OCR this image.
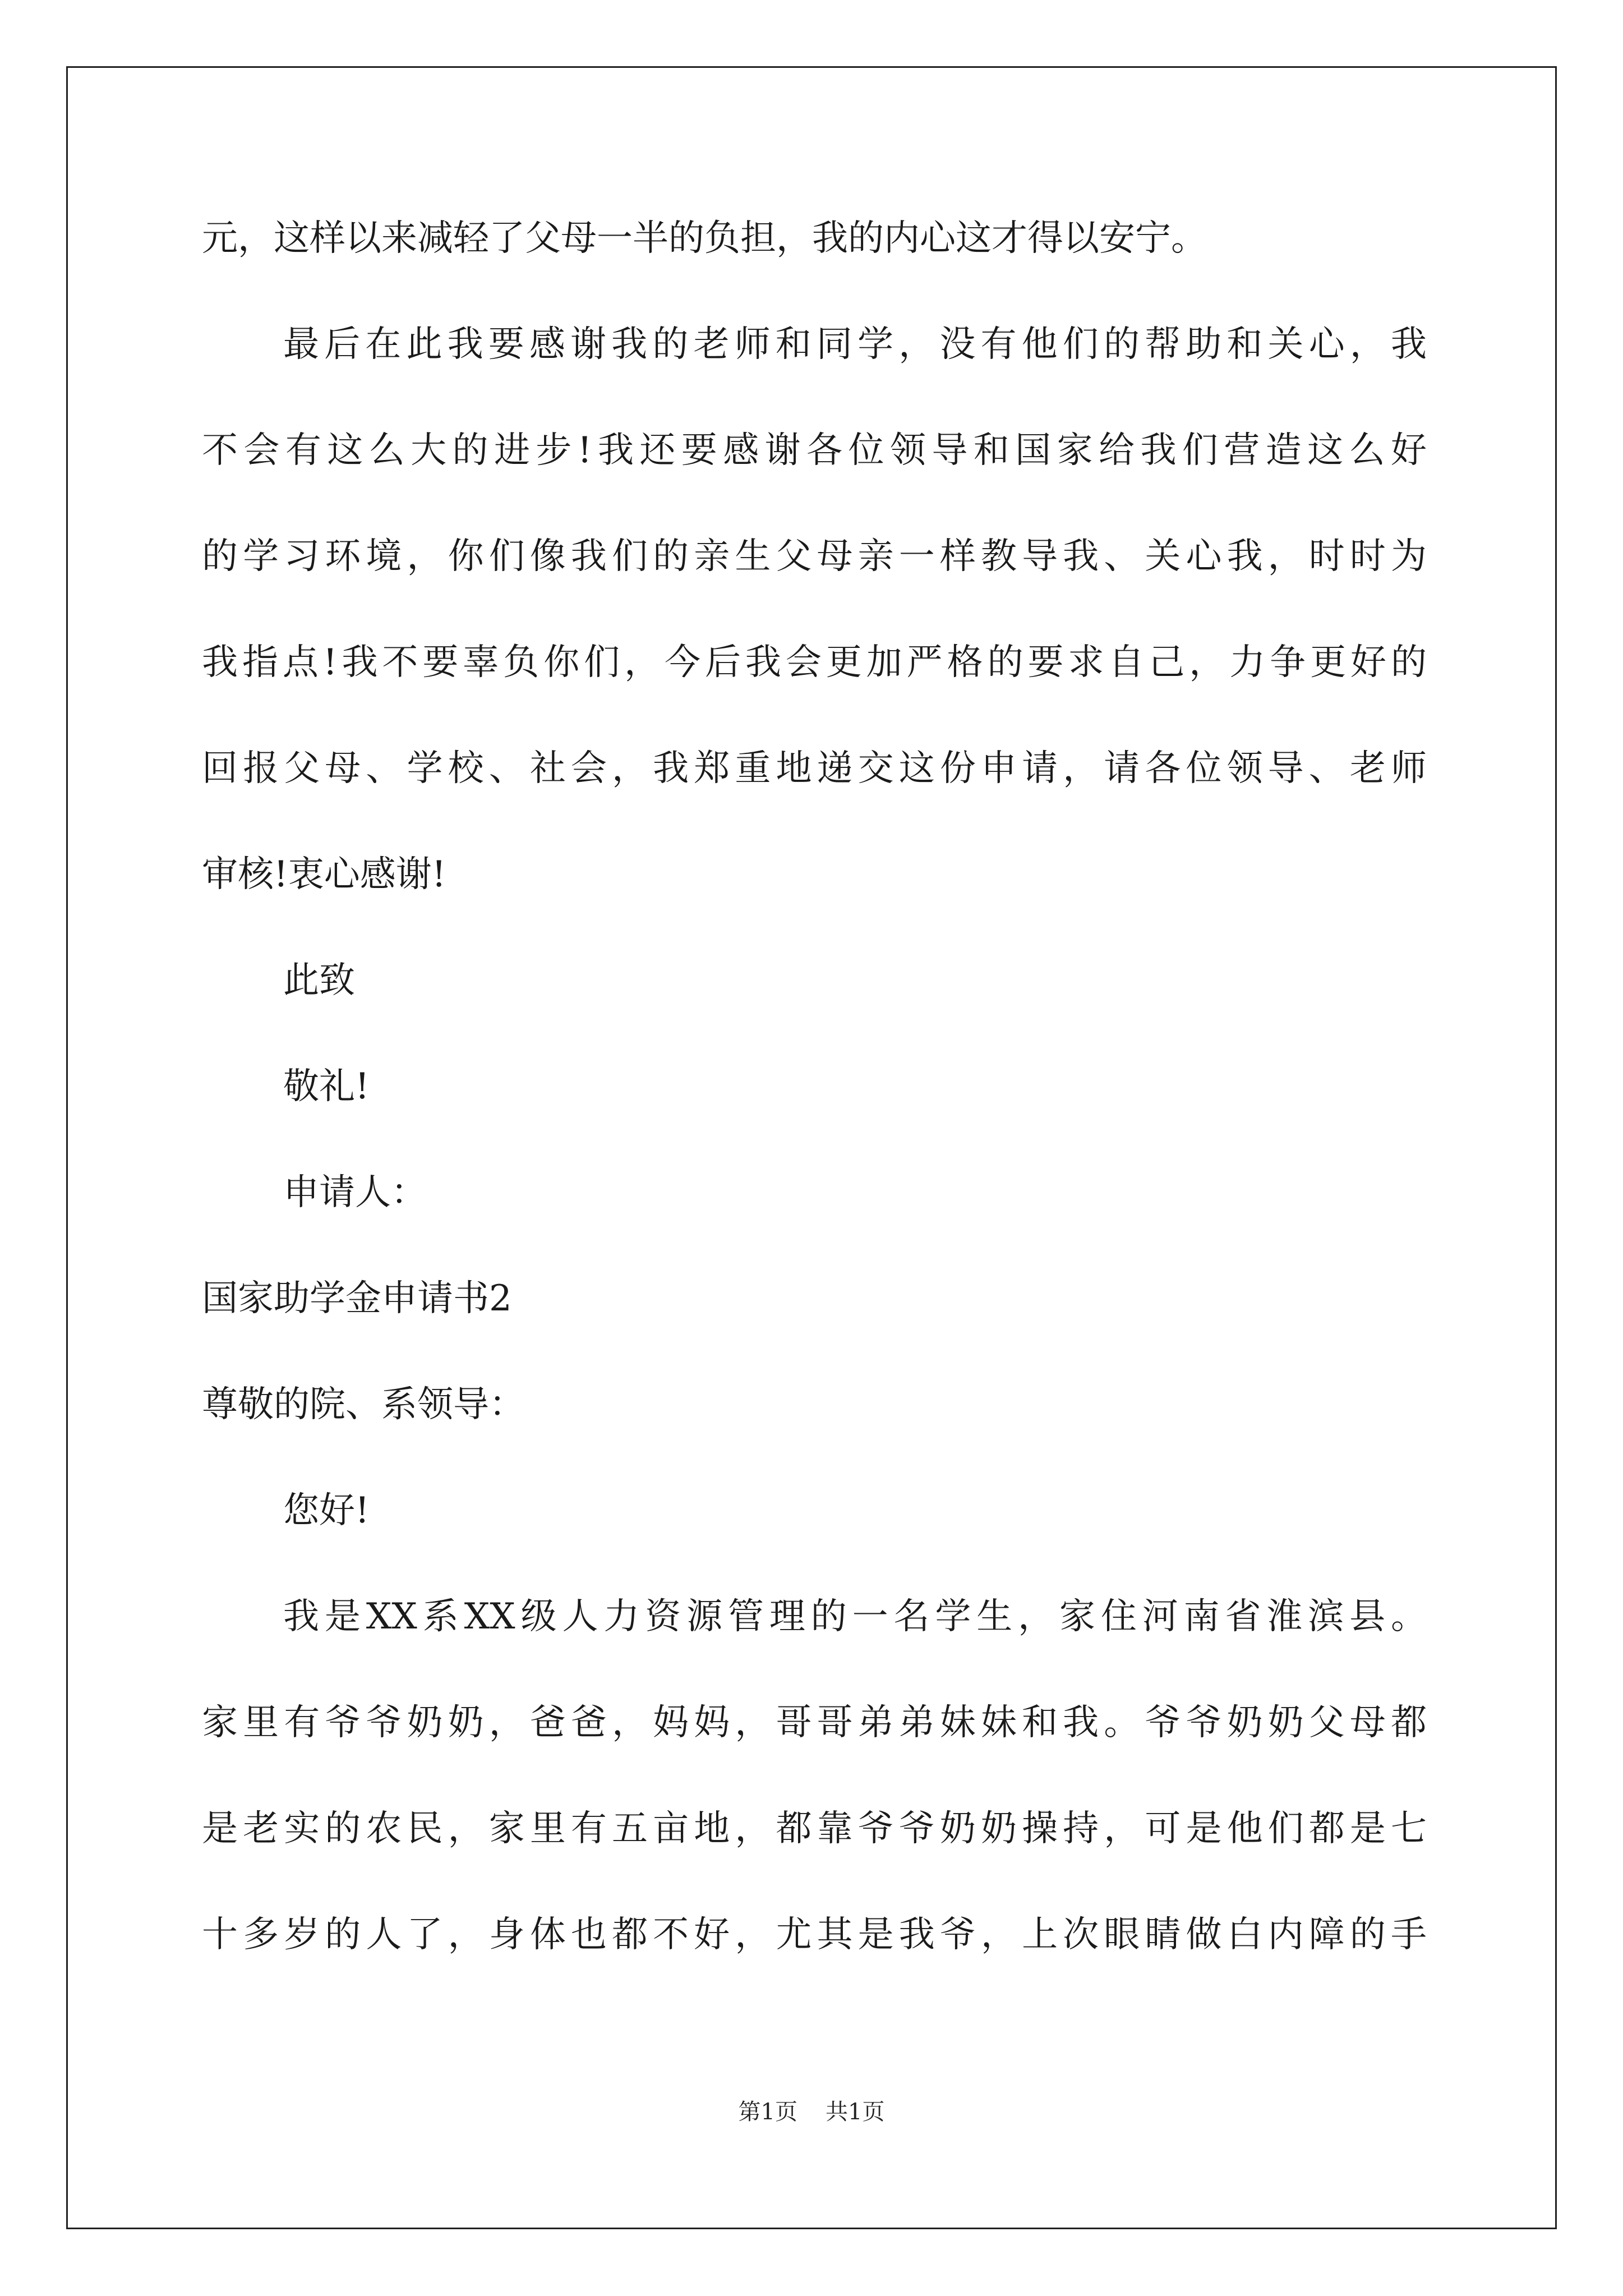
元，这样以来减轻了父母一半的负担，我的内心这才得以安宁。
最后在此我要感谢我的老师和同学，没有他们的帮助和关心，我
不会有这么大的进步!我还要感谢各位领导和国家给我们营造这么好
的学习环境，你们像我们的亲生父母亲一样教导我、关心我，时时为
我指点!我不要辜负你们，今后我会更加严格的要求自己，力争更好的
回报父母、学校、社会，我郑重地递交这份申请，请各位领导、老师
审核!衷心感谢!
此致
敬礼!
申请人：
国家助学金申请书2
尊敬的院、系领导：
您好!
我是XX系XX级人力资源管理的一名学生，家住河南省淮滨县。
家里有爷爷奶奶，爸爸，妈妈，哥哥弟弟妹妹和我。爷爷奶奶父母都
是老实的农民，家里有五亩地，都靠爷爷奶奶操持，可是他们都是七
十多岁的人了，身体也都不好，尤其是我爷，上次眼睛做白内障的手
第1页 共1页
